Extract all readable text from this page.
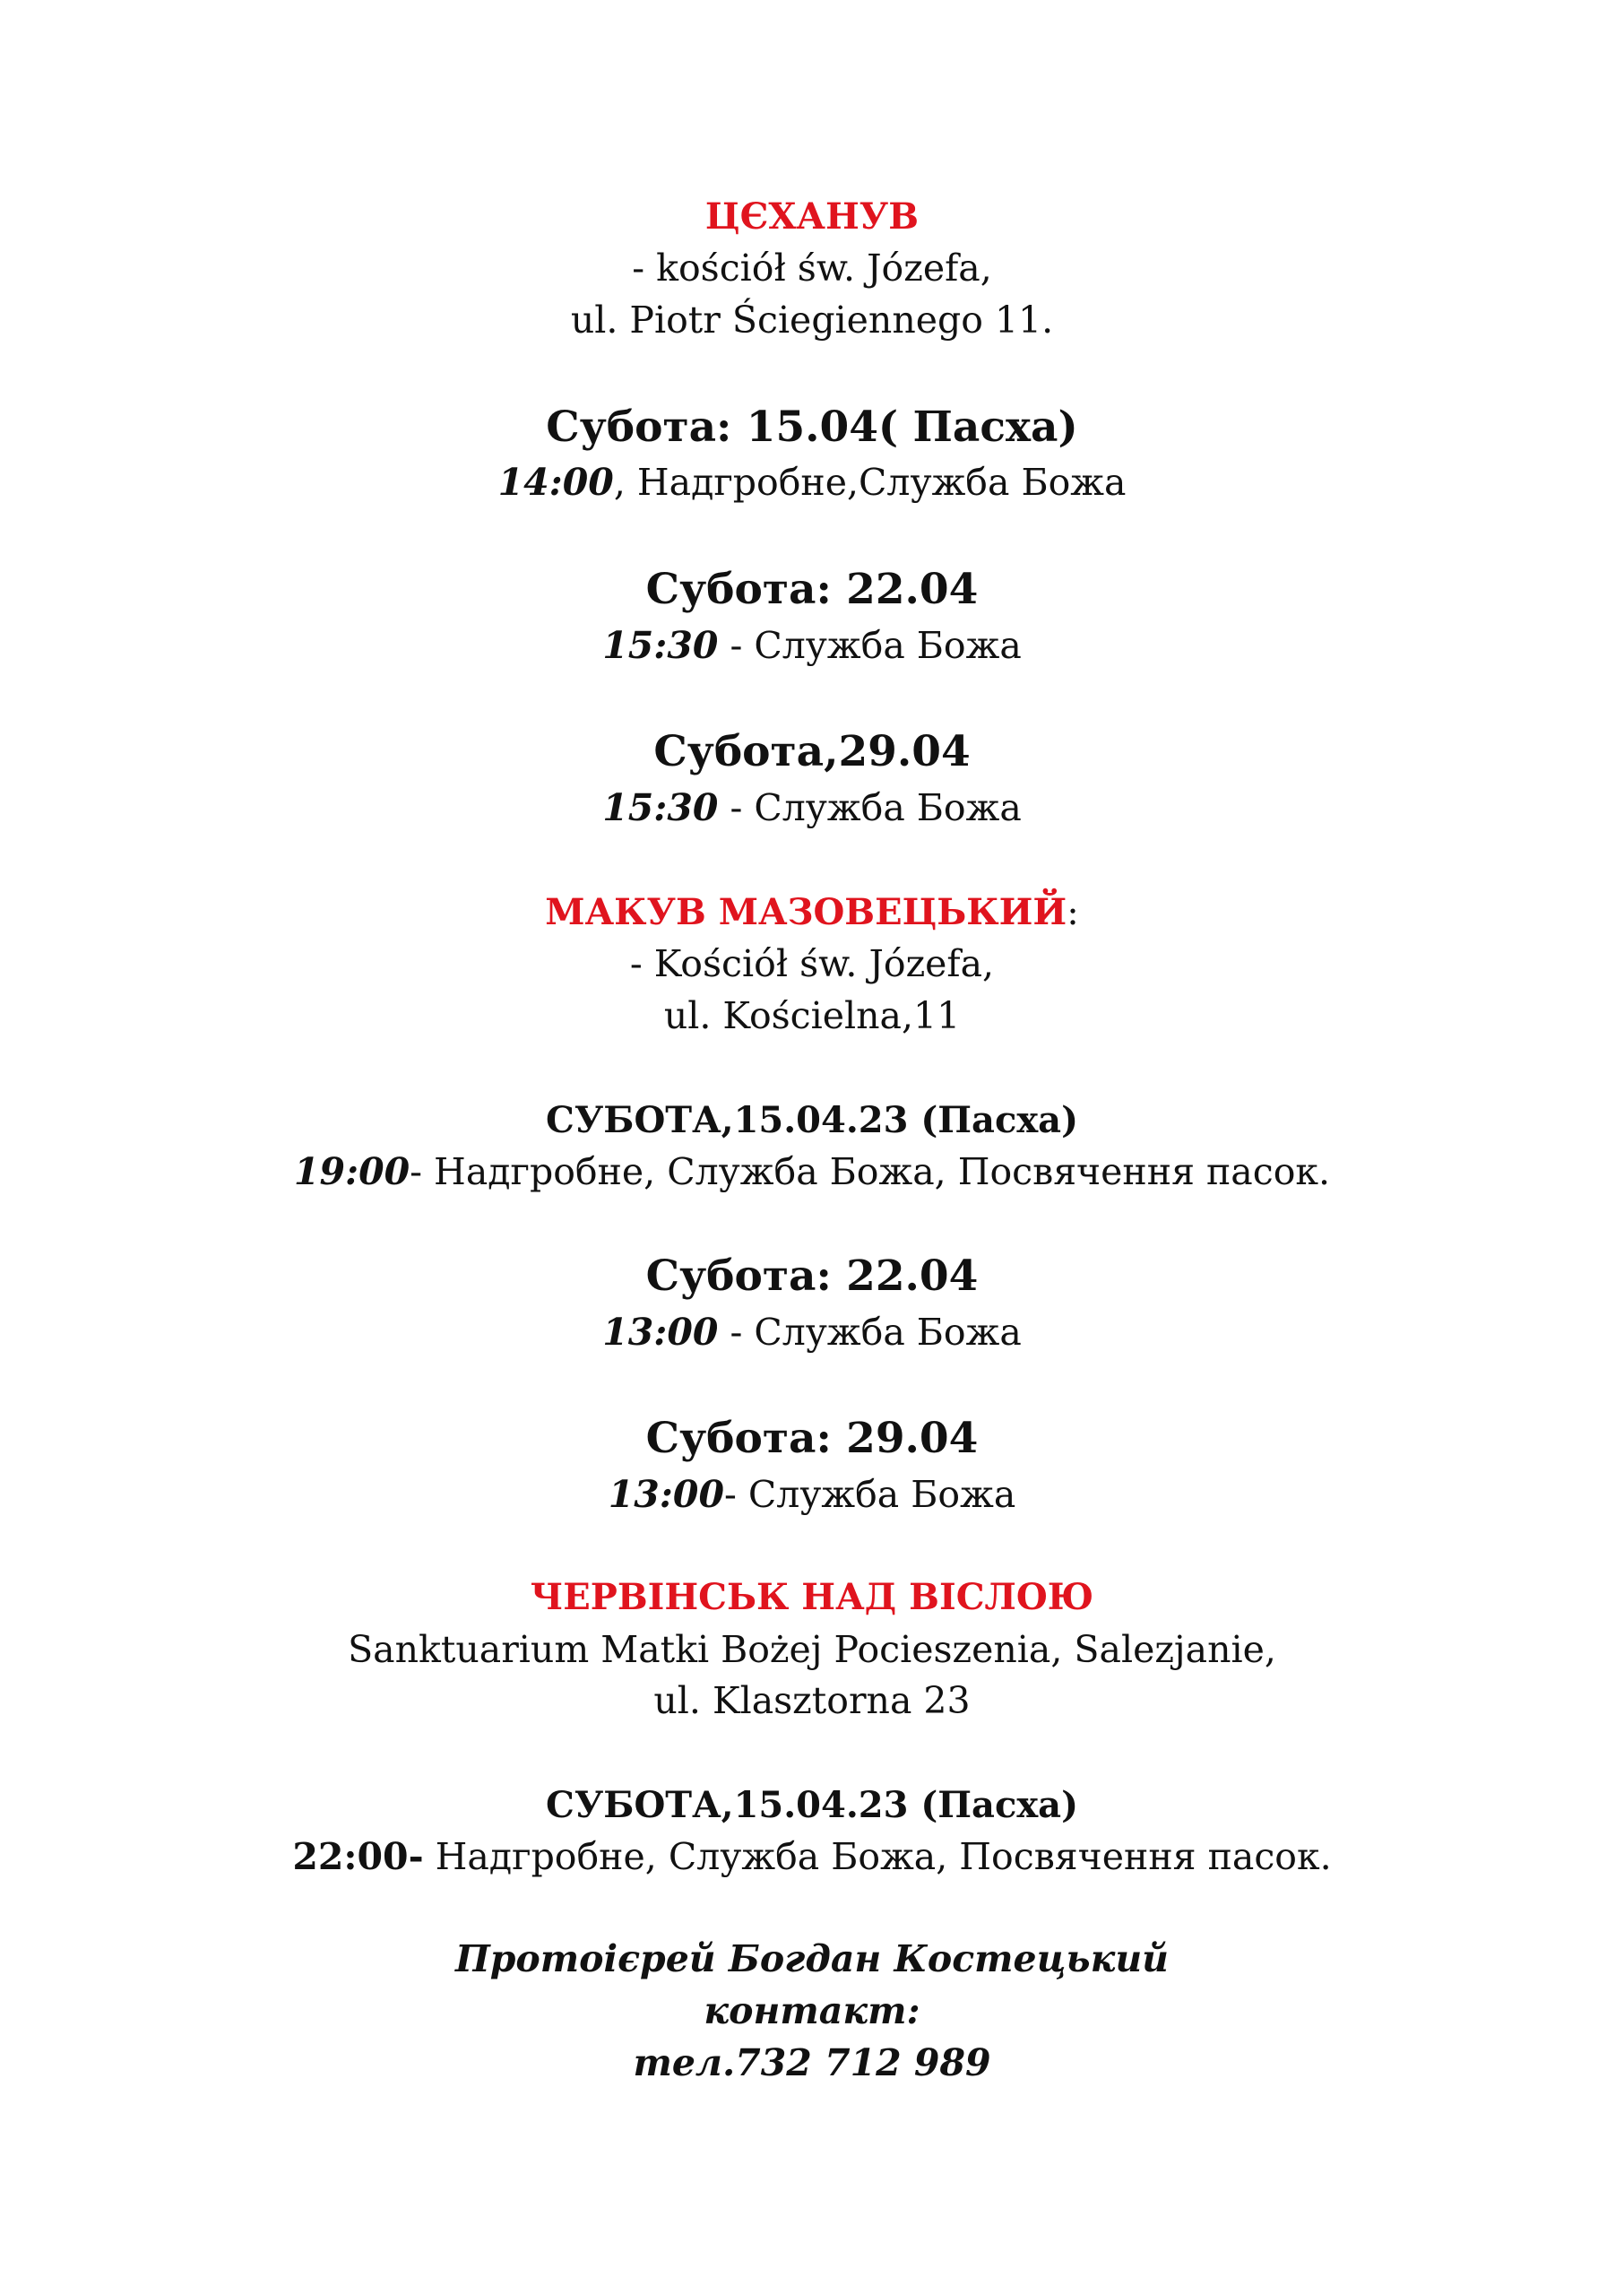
ЦЄХАНУВ
- kościół św. Józefa,
ul. Piotr Ściegiennego 11.
Субота: 15.04( Пасха)
14:00, Надгробне,Служба Божа
Субота: 22.04
15:30 - Служба Божа
Субота,29.04
15:30 - Служба Божа
МАКУВ МАЗОВЕЦЬКИЙ:
- Kościół św. Józefa,
ul. Kościelna,11
СУБОТА,15.04.23 (Пасха)
19:00- Надгробне, Служба Божа, Посвячення пасок.
Субота: 22.04
13:00 - Служба Божа
Субота: 29.04
13:00- Служба Божа
ЧЕРВІНСЬК НАД ВІСЛОЮ
Sanktuarium Matki Bożej Pocieszenia, Salezjanie,
ul. Klasztorna 23
СУБОТА,15.04.23 (Пасха)
22:00- Надгробне, Служба Божа, Посвячення пасок.
Протоієрей Богдан Костецький
контакт:
тел.732 712 989
